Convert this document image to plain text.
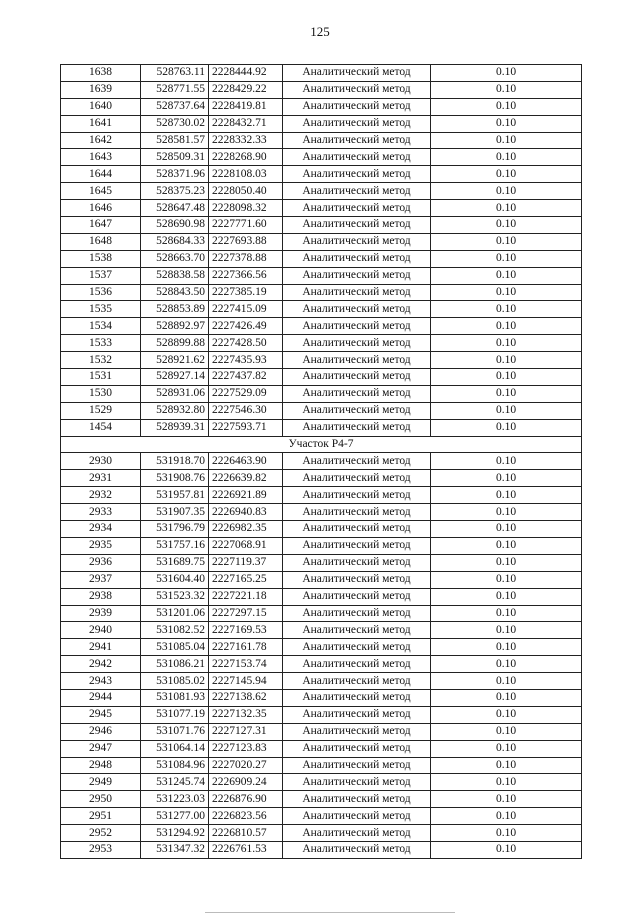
125
1638	528763.11	2228444.92	Аналитический метод	0.10
1639	528771.55	2228429.22	Аналитический метод	0.10
1640	528737.64	2228419.81	Аналитический метод	0.10
1641	528730.02	2228432.71	Аналитический метод	0.10
1642	528581.57	2228332.33	Аналитический метод	0.10
1643	528509.31	2228268.90	Аналитический метод	0.10
1644	528371.96	2228108.03	Аналитический метод	0.10
1645	528375.23	2228050.40	Аналитический метод	0.10
1646	528647.48	2228098.32	Аналитический метод	0.10
1647	528690.98	2227771.60	Аналитический метод	0.10
1648	528684.33	2227693.88	Аналитический метод	0.10
1538	528663.70	2227378.88	Аналитический метод	0.10
1537	528838.58	2227366.56	Аналитический метод	0.10
1536	528843.50	2227385.19	Аналитический метод	0.10
1535	528853.89	2227415.09	Аналитический метод	0.10
1534	528892.97	2227426.49	Аналитический метод	0.10
1533	528899.88	2227428.50	Аналитический метод	0.10
1532	528921.62	2227435.93	Аналитический метод	0.10
1531	528927.14	2227437.82	Аналитический метод	0.10
1530	528931.06	2227529.09	Аналитический метод	0.10
1529	528932.80	2227546.30	Аналитический метод	0.10
1454	528939.31	2227593.71	Аналитический метод	0.10
Участок Р4-7				
2930	531918.70	2226463.90	Аналитический метод	0.10
2931	531908.76	2226639.82	Аналитический метод	0.10
2932	531957.81	2226921.89	Аналитический метод	0.10
2933	531907.35	2226940.83	Аналитический метод	0.10
2934	531796.79	2226982.35	Аналитический метод	0.10
2935	531757.16	2227068.91	Аналитический метод	0.10
2936	531689.75	2227119.37	Аналитический метод	0.10
2937	531604.40	2227165.25	Аналитический метод	0.10
2938	531523.32	2227221.18	Аналитический метод	0.10
2939	531201.06	2227297.15	Аналитический метод	0.10
2940	531082.52	2227169.53	Аналитический метод	0.10
2941	531085.04	2227161.78	Аналитический метод	0.10
2942	531086.21	2227153.74	Аналитический метод	0.10
2943	531085.02	2227145.94	Аналитический метод	0.10
2944	531081.93	2227138.62	Аналитический метод	0.10
2945	531077.19	2227132.35	Аналитический метод	0.10
2946	531071.76	2227127.31	Аналитический метод	0.10
2947	531064.14	2227123.83	Аналитический метод	0.10
2948	531084.96	2227020.27	Аналитический метод	0.10
2949	531245.74	2226909.24	Аналитический метод	0.10
2950	531223.03	2226876.90	Аналитический метод	0.10
2951	531277.00	2226823.56	Аналитический метод	0.10
2952	531294.92	2226810.57	Аналитический метод	0.10
2953	531347.32	2226761.53	Аналитический метод	0.10
